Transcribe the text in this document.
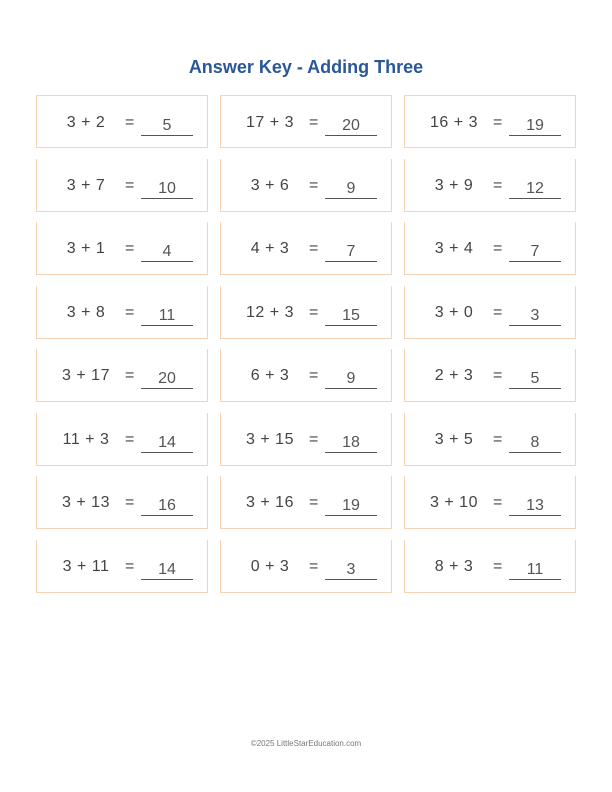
Answer Key - Adding Three
3 + 2	=	5	17 + 3 =	20	16 + 3 =	19
3 + 7	=	10	3 + 6	=	9	3 + 9	=	12
3 + 1	=	4	4 + 3	=	7	3 + 4	=	7
3 + 8	=	11	12 + 3 =	15	3 + 0	=	3
3 + 17 =	20	6 + 3	=	9	2 + 3	=	5
11 + 3 =	14	3 + 15 =	18	3 + 5	=	8
3 + 13 =	16	3 + 16 =	19	3 + 10 =	13
3 + 11 =	14	0 + 3	=	3	8 + 3	=	11
©2025 LittleStarEducation.com
